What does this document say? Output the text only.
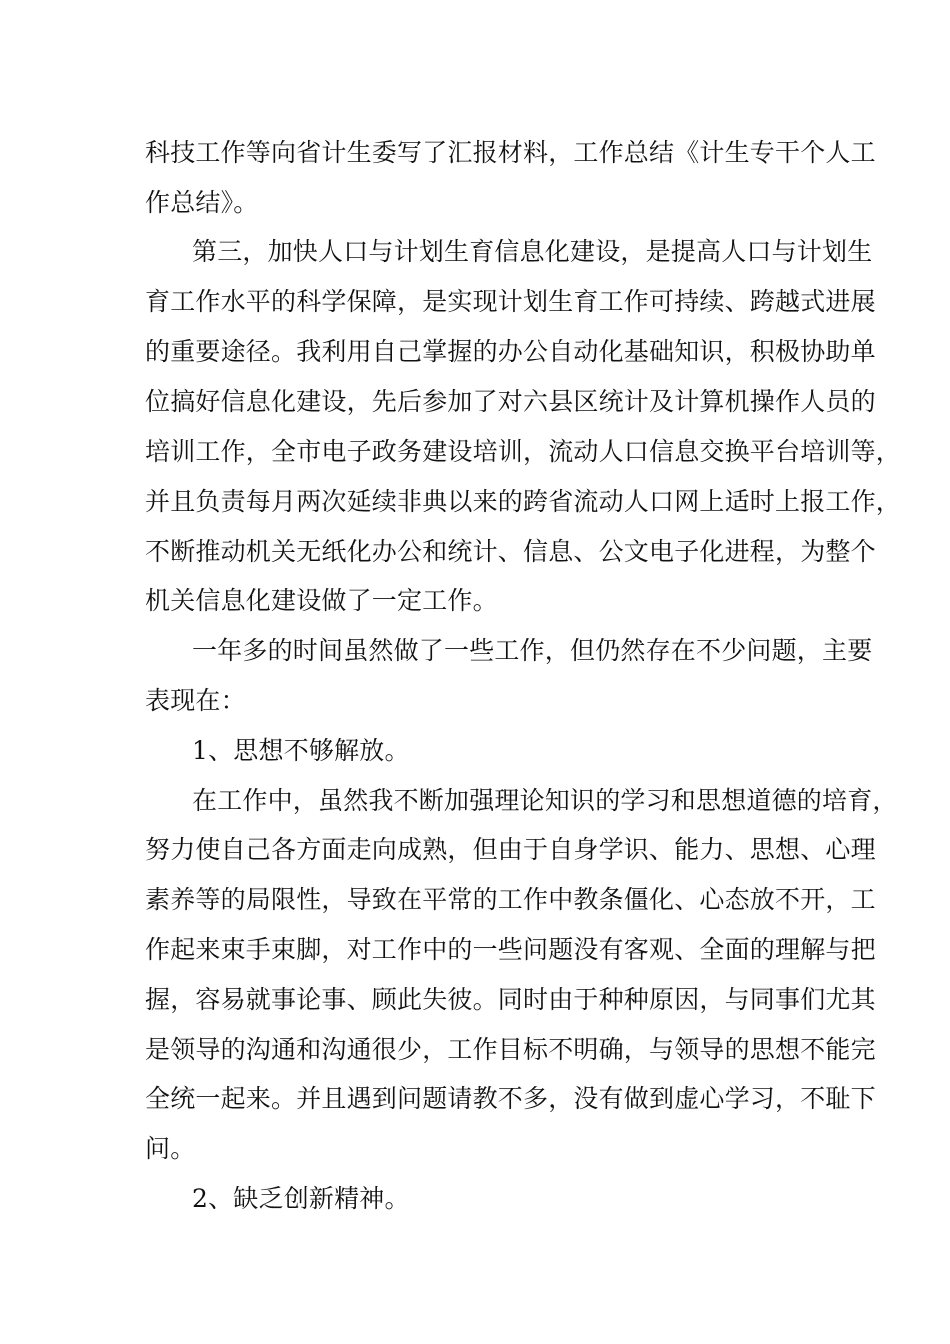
科技工作等向省计生委写了汇报材料，工作总结《计生专干个人工
作总结》。
第三，加快人口与计划生育信息化建设，是提高人口与计划生
育工作水平的科学保障，是实现计划生育工作可持续、跨越式进展
的重要途径。我利用自己掌握的办公自动化基础知识，积极协助单
位搞好信息化建设，先后参加了对六县区统计及计算机操作人员的
培训工作，全市电子政务建设培训，流动人口信息交换平台培训等，
并且负责每月两次延续非典以来的跨省流动人口网上适时上报工作，
不断推动机关无纸化办公和统计、信息、公文电子化进程，为整个
机关信息化建设做了一定工作。
一年多的时间虽然做了一些工作，但仍然存在不少问题，主要
表现在：
1、思想不够解放。
在工作中，虽然我不断加强理论知识的学习和思想道德的培育，
努力使自己各方面走向成熟，但由于自身学识、能力、思想、心理
素养等的局限性，导致在平常的工作中教条僵化、心态放不开，工
作起来束手束脚，对工作中的一些问题没有客观、全面的理解与把
握，容易就事论事、顾此失彼。同时由于种种原因，与同事们尤其
是领导的沟通和沟通很少，工作目标不明确，与领导的思想不能完
全统一起来。并且遇到问题请教不多，没有做到虚心学习，不耻下
问。
2、缺乏创新精神。
